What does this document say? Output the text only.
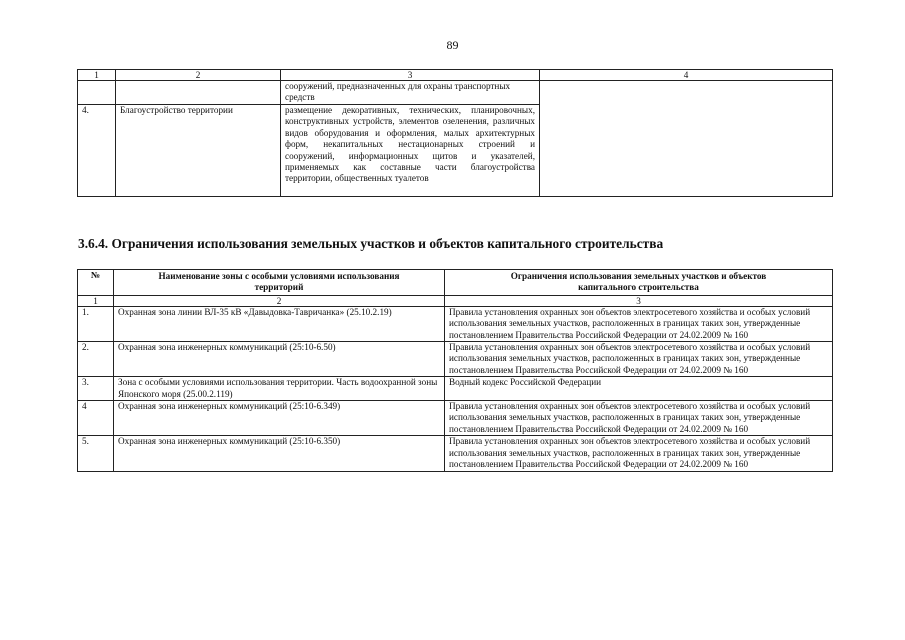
89
1	2	3	4
		сооружений, предназначенных для охраны транспортных средств	
4.	Благоустройство территории	размещение декоративных, технических, планировочных, конструктивных устройств, элементов озеленения, различных видов оборудования и оформления, малых архитектурных форм, некапитальных нестационарных строений и сооружений, информационных щитов и указателей, применяемых как составные части благоустройства территории, общественных туалетов	
3.6.4. Ограничения использования земельных участков и объектов капитального строительства
№	Наименование зоны с особыми условиями использования территорий	Ограничения использования земельных участков и объектов капитального строительства
1	2	3
1.	Охранная зона линии ВЛ-35 кВ «Давыдовка-Тавричанка» (25.10.2.19)	Правила установления охранных зон объектов электросетевого хозяйства и особых условий использования земельных участков, расположенных в границах таких зон, утвержденные постановлением Правительства Российской Федерации от 24.02.2009 № 160
2.	Охранная зона инженерных коммуникаций (25:10-6.50)	Правила установления охранных зон объектов электросетевого хозяйства и особых условий использования земельных участков, расположенных в границах таких зон, утвержденные постановлением Правительства Российской Федерации от 24.02.2009 № 160
3.	Зона с особыми условиями использования территории. Часть водоохранной зоны Японского моря (25.00.2.119)	Водный кодекс Российской Федерации
4	Охранная зона инженерных коммуникаций (25:10-6.349)	Правила установления охранных зон объектов электросетевого хозяйства и особых условий использования земельных участков, расположенных в границах таких зон, утвержденные постановлением Правительства Российской Федерации от 24.02.2009 № 160
5.	Охранная зона инженерных коммуникаций (25:10-6.350)	Правила установления охранных зон объектов электросетевого хозяйства и особых условий использования земельных участков, расположенных в границах таких зон, утвержденные постановлением Правительства Российской Федерации от 24.02.2009 № 160
